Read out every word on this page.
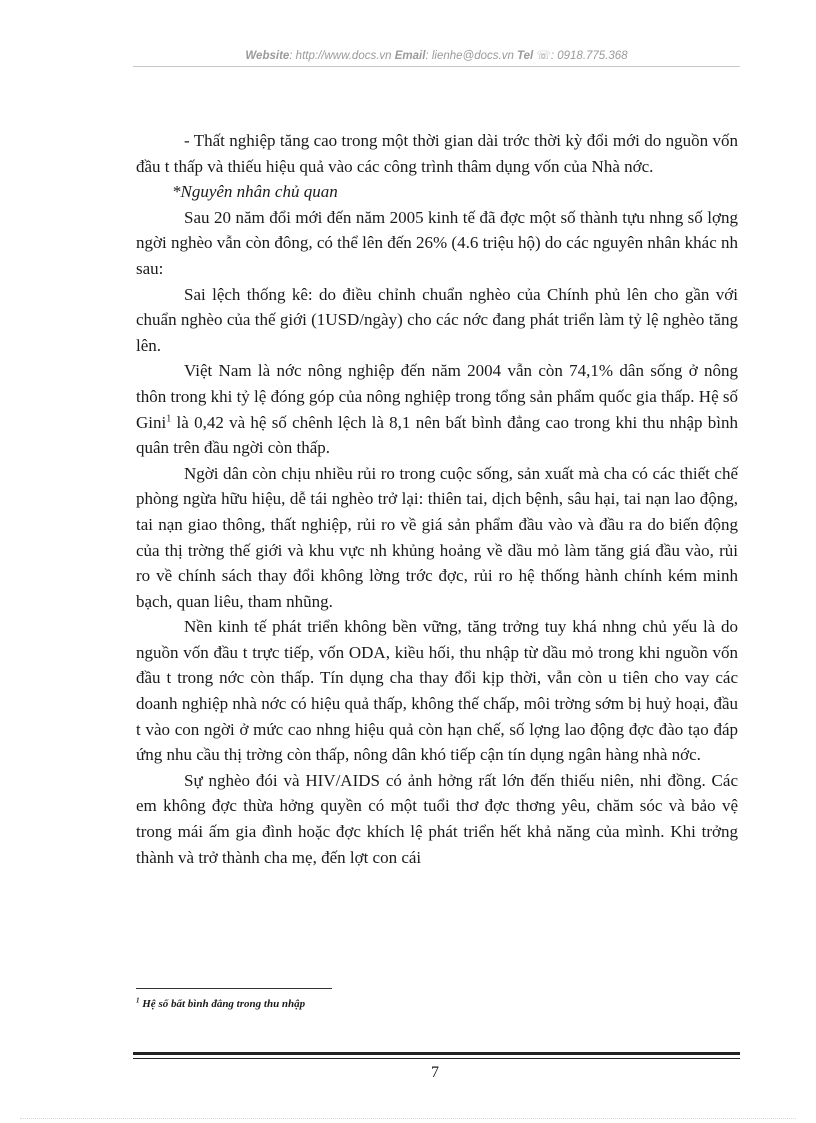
Website: http://www.docs.vn Email: lienhe@docs.vn Tel ☏: 0918.775.368

- Thất nghiệp tăng cao trong một thời gian dài trớc thời kỳ đổi mới do nguồn vốn đầu t thấp và thiếu hiệu quả vào các công trình thâm dụng vốn của Nhà nớc.

*Nguyên nhân chủ quan

Sau 20 năm đổi mới đến năm 2005 kinh tế đã đợc một số thành tựu nhng số lợng ngời nghèo vẫn còn đông, có thể lên đến 26% (4.6 triệu hộ) do các nguyên nhân khác nh sau:

Sai lệch thống kê: do điều chỉnh chuẩn nghèo của Chính phủ lên cho gần với chuẩn nghèo của thế giới (1USD/ngày) cho các nớc đang phát triển làm tỷ lệ nghèo tăng lên.

Việt Nam là nớc nông nghiệp đến năm 2004 vẫn còn 74,1% dân sống ở nông thôn trong khi tỷ lệ đóng góp của nông nghiệp trong tổng sản phẩm quốc gia thấp. Hệ số Gini$^1$ là 0,42 và hệ số chênh lệch là 8,1 nên bất bình đẳng cao trong khi thu nhập bình quân trên đầu ngời còn thấp.

Ngời dân còn chịu nhiều rủi ro trong cuộc sống, sản xuất mà cha có các thiết chế phòng ngừa hữu hiệu, dễ tái nghèo trở lại: thiên tai, dịch bệnh, sâu hại, tai nạn lao động, tai nạn giao thông, thất nghiệp, rủi ro về giá sản phẩm đầu vào và đầu ra do biến động của thị trờng thế giới và khu vực nh khủng hoảng về dầu mỏ làm tăng giá đầu vào, rủi ro về chính sách thay đổi không lờng trớc đợc, rủi ro hệ thống hành chính kém minh bạch, quan liêu, tham nhũng.

Nền kinh tế phát triển không bền vững, tăng trởng tuy khá nhng chủ yếu là do nguồn vốn đầu t trực tiếp, vốn ODA, kiều hối, thu nhập từ dầu mỏ trong khi nguồn vốn đầu t trong nớc còn thấp. Tín dụng cha thay đổi kịp thời, vẫn còn u tiên cho vay các doanh nghiệp nhà nớc có hiệu quả thấp, không thế chấp, môi trờng sớm bị huỷ hoại, đầu t vào con ngời ở mức cao nhng hiệu quả còn hạn chế, số lợng lao động đợc đào tạo đáp ứng nhu cầu thị trờng còn thấp, nông dân khó tiếp cận tín dụng ngân hàng nhà nớc.

Sự nghèo đói và HIV/AIDS có ảnh hởng rất lớn đến thiếu niên, nhi đồng. Các em không đợc thừa hởng quyền có một tuổi thơ đợc thơng yêu, chăm sóc và bảo vệ trong mái ấm gia đình hoặc đợc khích lệ phát triển hết khả năng của mình. Khi trởng thành và trở thành cha mẹ, đến lợt con cái

$^1$ Hệ số bất bình đẳng trong thu nhập
7
